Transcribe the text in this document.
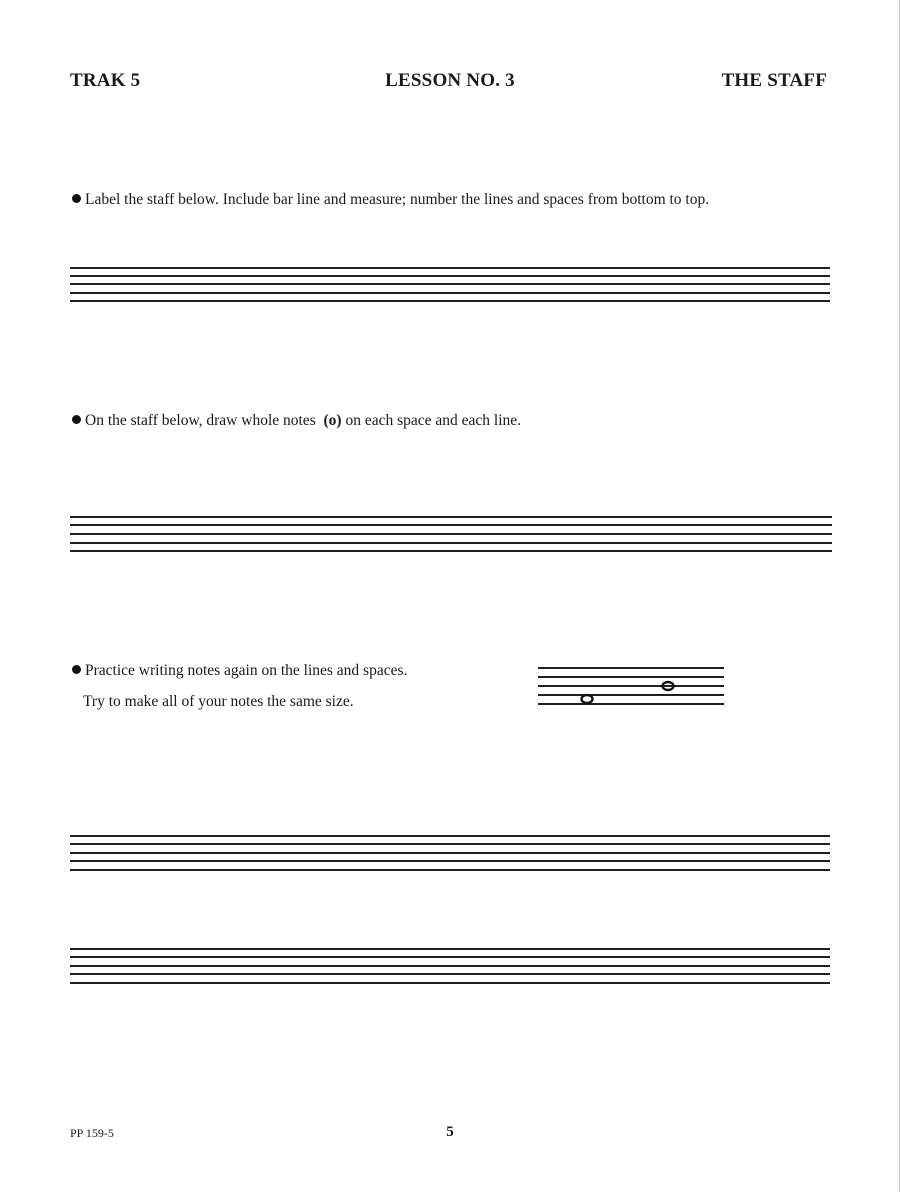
TRAK 5	LESSON NO. 3	THE STAFF
Label the staff below. Include bar line and measure; number the lines and spaces from bottom to top.
On the staff below, draw whole notes (o) on each space and each line.
Practice writing notes again on the lines and spaces.
Try to make all of your notes the same size.
PP 159-5	5
